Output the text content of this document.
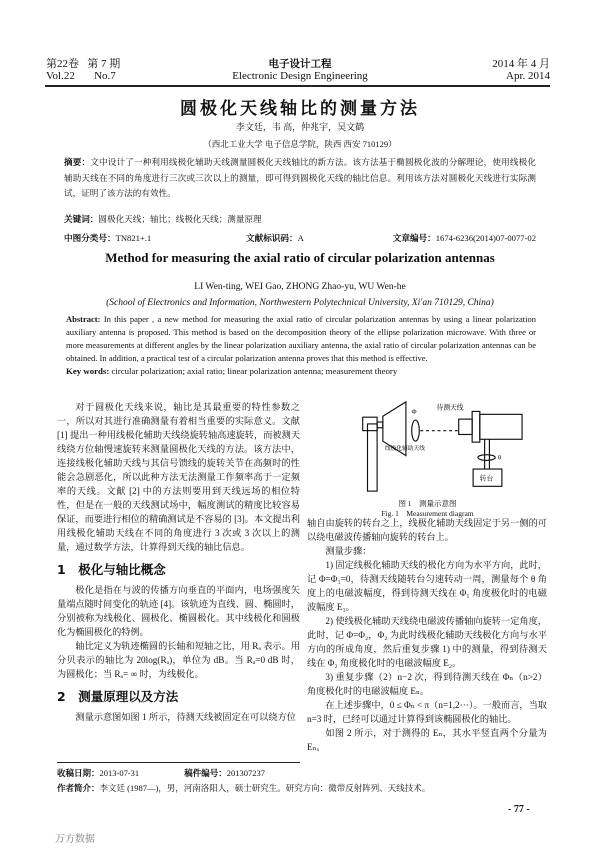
第22卷 第 7 期
Vol.22 No.7
电子设计工程
Electronic Design Engineering
2014 年 4 月
Apr. 2014
圆极化天线轴比的测量方法
李文廷，韦 高，仲兆宇，吴文鹤
（西北工业大学 电子信息学院，陕西 西安 710129）
摘要：文中设计了一种利用线极化辅助天线测量圆极化天线轴比的新方法。该方法基于椭圆极化波的分解理论，使用线极化辅助天线在不同的角度进行三次或三次以上的测量，即可得到圆极化天线的轴比信息。利用该方法对圆极化天线进行实际测试，证明了该方法的有效性。
关键词：圆极化天线；轴比；线极化天线；测量原理
中图分类号：TN821+.1	文献标识码：A	文章编号：1674-6236(2014)07-0077-02
Method for measuring the axial ratio of circular polarization antennas
LI Wen-ting, WEI Gao, ZHONG Zhao-yu, WU Wen-he
(School of Electronics and Information, Northwestern Polytechnical University, Xi'an 710129, China)
Abstract: In this paper , a new method for measuring the axial ratio of circular polarization antennas by using a linear polarization auxiliary antenna is proposed. This method is based on the decomposition theory of the ellipse polarization microwave. With three or more measurements at different angles by the linear polarization auxiliary antenna, the axial ratio of circular polarization antennas can be obtained. In addition, a practical test of a circular polarization antenna proves that this method is effective.
Key words: circular polarization; axial ratio; linear polarization antenna; measurement theory

对于圆极化天线来说，轴比是其最重要的特性参数之一，所以对其进行准确测量有着相当重要的实际意义。文献 [1] 提出一种用线极化辅助天线绕旋转轴高速旋转，而被测天线绕方位轴慢速旋转来测量圆极化天线的方法。该方法中，连接线极化辅助天线与其信号馈线的旋转关节在高频时的性能会急剧恶化，所以此种方法无法测量工作频率高于一定频率的天线。文献 [2] 中的方法则要用到天线远场的相位特性，但是在一般的天线测试场中，幅度测试的精度比较容易保证，而要进行相位的精确测试是不容易的 [3]。本文提出利用线极化辅助天线在不同的角度进行 3 次或 3 次以上的测量，通过数学方法，计算得到天线的轴比信息。

1　极化与轴比概念

极化是指在与波的传播方向垂直的平面内，电场强度矢量端点随时间变化的轨迹 [4]。该轨迹为直线、圆、椭圆时，分别被称为线极化、圆极化、椭圆极化。其中线极化和圆极化为椭圆极化的特例。

轴比定义为轨迹椭圆的长轴和短轴之比，用 Rₐ 表示。用分贝表示的轴比为 20log(Rₐ)，单位为 dB。当 Rₐ=0 dB 时，为圆极化；当 Rₐ= ∞ 时，为线极化。

2　测量原理以及方法

测量示意图如图 1 所示，待测天线被固定在可以绕方位

线极化辅助天线
待测天线
Φ
θ
转台
图 1　测量示意图
Fig. 1　Measurement diagram

轴自由旋转的转台之上，线极化辅助天线固定于另一侧的可以绕电磁波传播轴向旋转的转台上。

测量步骤：

1) 固定线极化辅助天线的极化方向为水平方向，此时，记 Φ=Φ₁=0，待测天线随转台匀速转动一周，测量每个 θ 角度上的电磁波幅度，得到待测天线在 Φ₁ 角度极化时的电磁波幅度 E₁。

2) 使线极化辅助天线绕电磁波传播轴向旋转一定角度，此时，记 Φ=Φ₂，Φ₂ 为此时线极化辅助天线极化方向与水平方向的所成角度，然后重复步骤 1) 中的测量，得到待测天线在 Φ₂ 角度极化时的电磁波幅度 E₂。

3) 重复步骤（2）n−2 次，得到待测天线在 Φₙ（n>2）角度极化时的电磁波幅度 Eₙ。

在上述步骤中，0 ≤ Φₙ < π（n=1,2···）。一般而言，当取 n=3 时，已经可以通过计算得到该椭圆极化的轴比。

如图 2 所示，对于测得的 Eₙ，其水平竖直两个分量为 Eₙₓ

收稿日期：2013-07-31	稿件编号：201307237
作者简介：李文廷 (1987—)，男，河南洛阳人，硕士研究生。研究方向：微带反射阵列、天线技术。
- 77 -
万方数据
